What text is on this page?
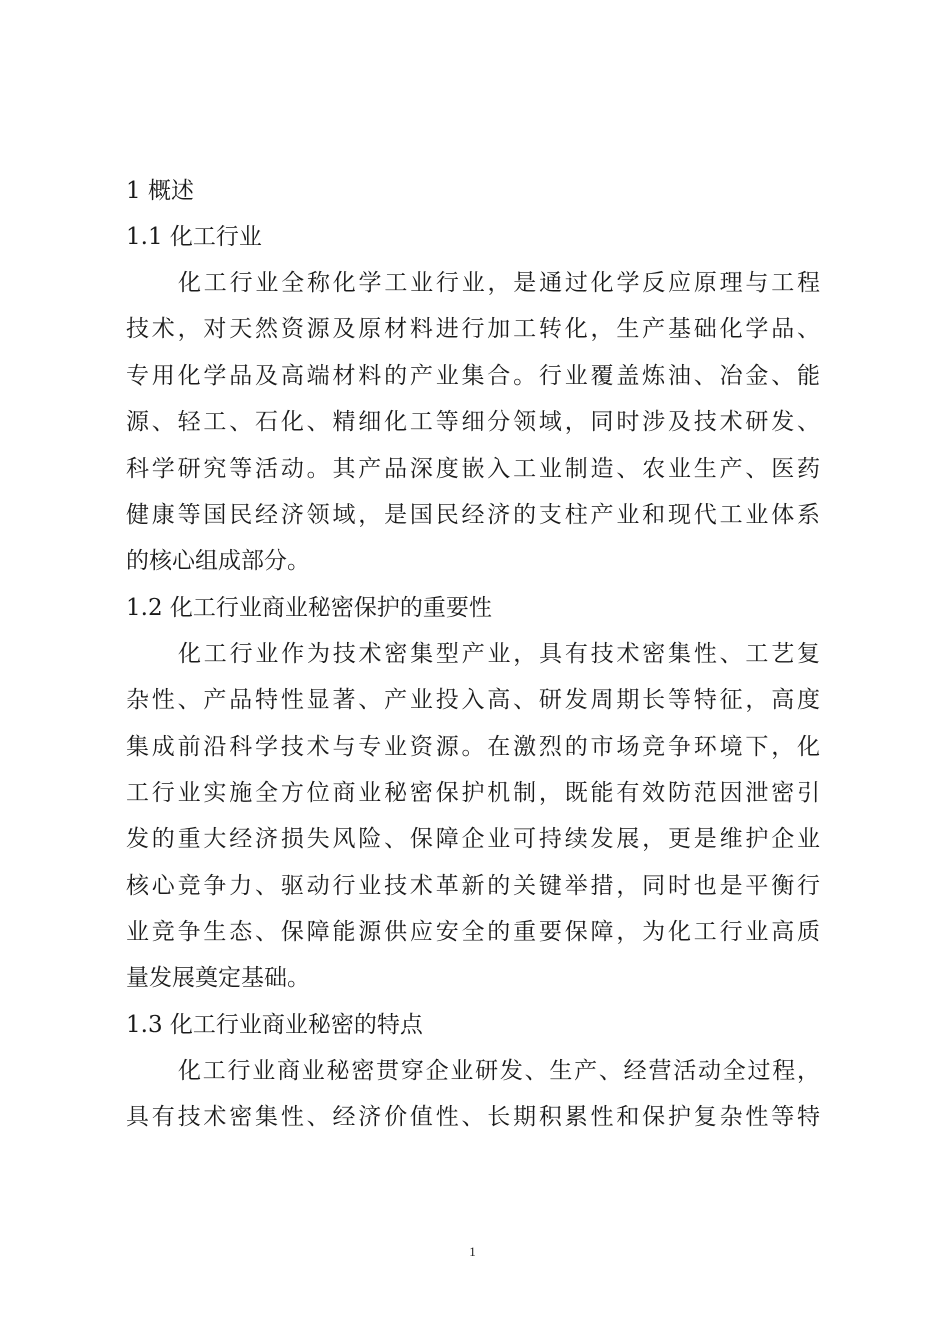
1 概述
1.1 化工行业
化工行业全称化学工业行业，是通过化学反应原理与工程
技术，对天然资源及原材料进行加工转化，生产基础化学品、
专用化学品及高端材料的产业集合。行业覆盖炼油、冶金、能
源、轻工、石化、精细化工等细分领域，同时涉及技术研发、
科学研究等活动。其产品深度嵌入工业制造、农业生产、医药
健康等国民经济领域，是国民经济的支柱产业和现代工业体系
的核心组成部分。
1.2 化工行业商业秘密保护的重要性
化工行业作为技术密集型产业，具有技术密集性、工艺复
杂性、产品特性显著、产业投入高、研发周期长等特征，高度
集成前沿科学技术与专业资源。在激烈的市场竞争环境下，化
工行业实施全方位商业秘密保护机制，既能有效防范因泄密引
发的重大经济损失风险、保障企业可持续发展，更是维护企业
核心竞争力、驱动行业技术革新的关键举措，同时也是平衡行
业竞争生态、保障能源供应安全的重要保障，为化工行业高质
量发展奠定基础。
1.3 化工行业商业秘密的特点
化工行业商业秘密贯穿企业研发、生产、经营活动全过程，
具有技术密集性、经济价值性、长期积累性和保护复杂性等特
1
